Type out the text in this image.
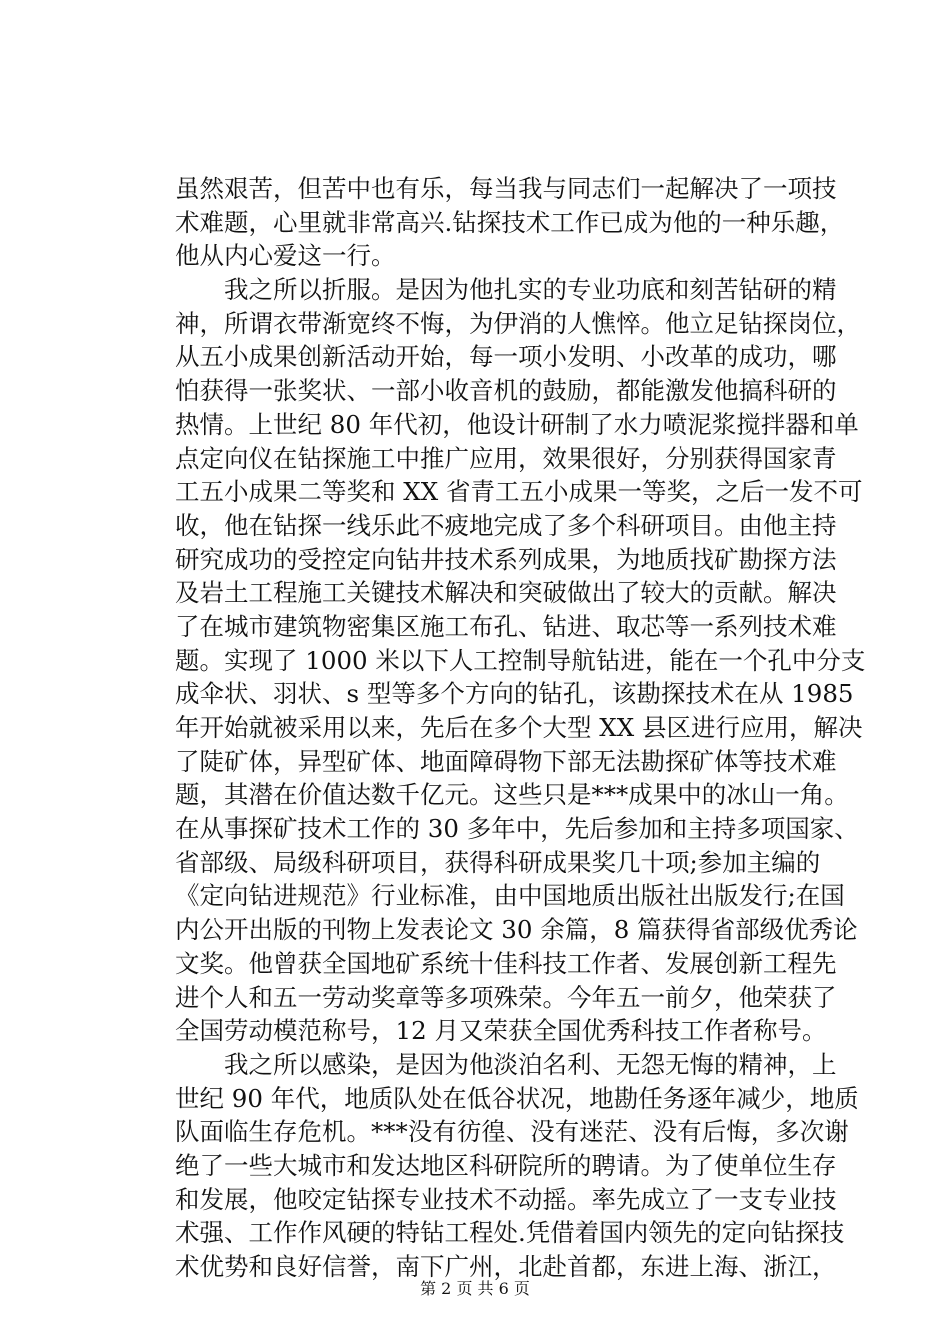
虽然艰苦，但苦中也有乐，每当我与同志们一起解决了一项技
术难题，心里就非常高兴.钻探技术工作已成为他的一种乐趣，
他从内心爱这一行。
我之所以折服。是因为他扎实的专业功底和刻苦钻研的精
神，所谓衣带渐宽终不悔，为伊消的人憔悴。他立足钻探岗位，
从五小成果创新活动开始，每一项小发明、小改革的成功，哪
怕获得一张奖状、一部小收音机的鼓励，都能激发他搞科研的
热情。上世纪 80 年代初，他设计研制了水力喷泥浆搅拌器和单
点定向仪在钻探施工中推广应用，效果很好，分别获得国家青
工五小成果二等奖和 XX 省青工五小成果一等奖，之后一发不可
收，他在钻探一线乐此不疲地完成了多个科研项目。由他主持
研究成功的受控定向钻井技术系列成果，为地质找矿勘探方法
及岩土工程施工关键技术解决和突破做出了较大的贡献。解决
了在城市建筑物密集区施工布孔、钻进、取芯等一系列技术难
题。实现了 1000 米以下人工控制导航钻进，能在一个孔中分支
成伞状、羽状、s 型等多个方向的钻孔，该勘探技术在从 1985
年开始就被采用以来，先后在多个大型 XX 县区进行应用，解决
了陡矿体，异型矿体、地面障碍物下部无法勘探矿体等技术难
题，其潜在价值达数千亿元。这些只是***成果中的冰山一角。
在从事探矿技术工作的 30 多年中，先后参加和主持多项国家、
省部级、局级科研项目，获得科研成果奖几十项;参加主编的
《定向钻进规范》行业标准，由中国地质出版社出版发行;在国
内公开出版的刊物上发表论文 30 余篇，8 篇获得省部级优秀论
文奖。他曾获全国地矿系统十佳科技工作者、发展创新工程先
进个人和五一劳动奖章等多项殊荣。今年五一前夕，他荣获了
全国劳动模范称号，12 月又荣获全国优秀科技工作者称号。
我之所以感染，是因为他淡泊名利、无怨无悔的精神，上
世纪 90 年代，地质队处在低谷状况，地勘任务逐年减少，地质
队面临生存危机。***没有彷徨、没有迷茫、没有后悔，多次谢
绝了一些大城市和发达地区科研院所的聘请。为了使单位生存
和发展，他咬定钻探专业技术不动摇。率先成立了一支专业技
术强、工作作风硬的特钻工程处.凭借着国内领先的定向钻探技
术优势和良好信誉，南下广州，北赴首都，东进上海、浙江，
第 2 页 共 6 页
